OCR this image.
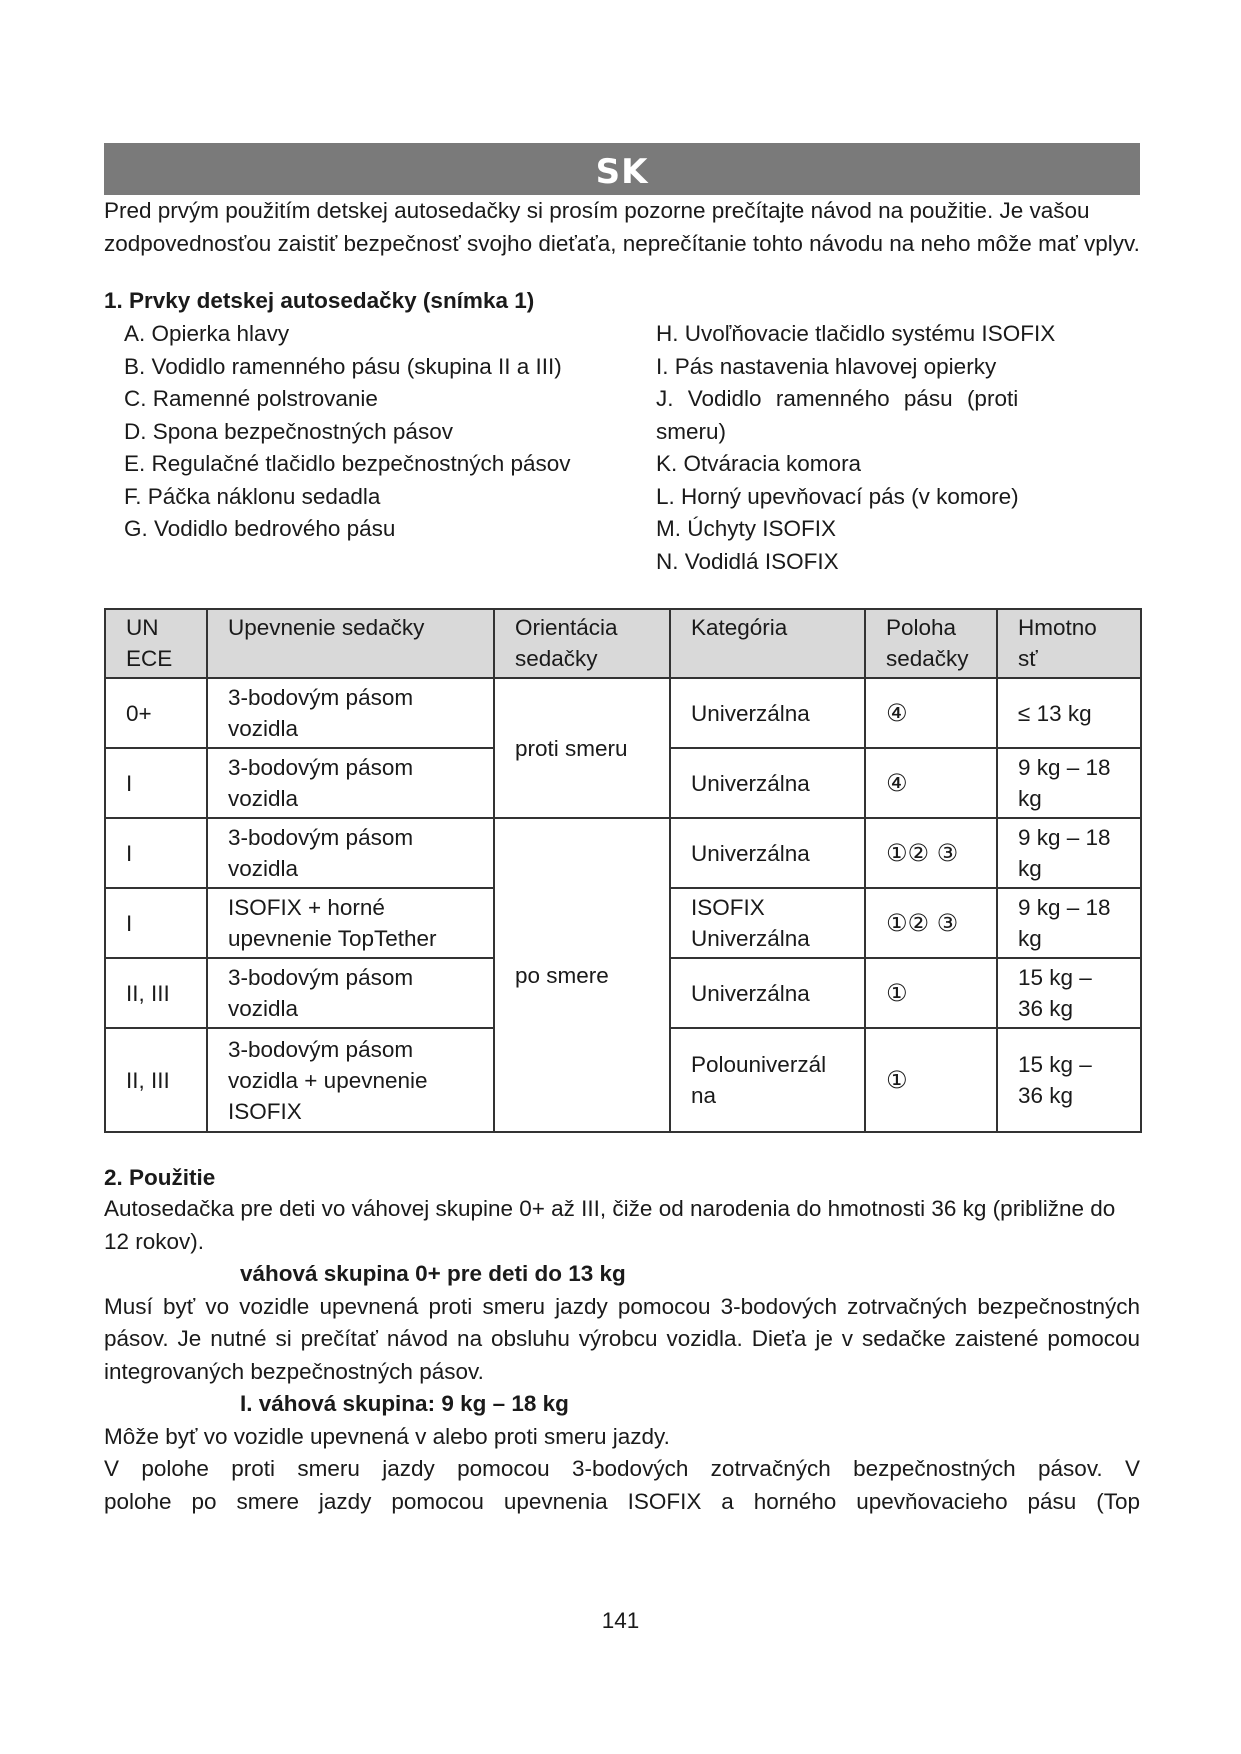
SK

Pred prvým použitím detskej autosedačky si prosím pozorne prečítajte návod na použitie. Je vašou zodpovednosťou zaistiť bezpečnosť svojho dieťaťa, neprečítanie tohto návodu na neho môže mať vplyv.

1. Prvky detskej autosedačky (snímka 1)
A. Opierka hlavy
B. Vodidlo ramenného pásu (skupina II a III)
C. Ramenné polstrovanie
D. Spona bezpečnostných pásov
E. Regulačné tlačidlo bezpečnostných pásov
F. Páčka náklonu sedadla
G. Vodidlo bedrového pásu
H. Uvoľňovacie tlačidlo systému ISOFIX
I. Pás nastavenia hlavovej opierky
J. Vodidlo ramenného pásu (proti
smeru)
K. Otváracia komora
L. Horný upevňovací pás (v komore)
M. Úchyty ISOFIX
N. Vodidlá ISOFIX
UN ECE	Upevnenie sedačky	Orientácia sedačky	Kategória	Poloha sedačky	Hmotno sť
0+	3-bodovým pásom vozidla	proti smeru	Univerzálna	④	≤ 13 kg
I	3-bodovým pásom vozidla		Univerzálna	④	9 kg – 18 kg
I	3-bodovým pásom vozidla	po smere	Univerzálna	①② ③	9 kg – 18 kg
I	ISOFIX + horné upevnenie TopTether		ISOFIX Univerzálna	①② ③	9 kg – 18 kg
II, III	3-bodovým pásom vozidla		Univerzálna	①	15 kg – 36 kg
II, III	3-bodovým pásom vozidla + upevnenie ISOFIX		Polouniverzál na	①	15 kg – 36 kg
2. Použitie

Autosedačka pre deti vo váhovej skupine 0+ až III, čiže od narodenia do hmotnosti 36 kg (približne do 12 rokov).

váhová skupina 0+ pre deti do 13 kg

Musí byť vo vozidle upevnená proti smeru jazdy pomocou 3-bodových zotrvačných bezpečnostných pásov. Je nutné si prečítať návod na obsluhu výrobcu vozidla. Dieťa je v sedačke zaistené pomocou integrovaných bezpečnostných pásov.

I. váhová skupina: 9 kg – 18 kg

Môže byť vo vozidle upevnená v alebo proti smeru jazdy.

V polohe proti smeru jazdy pomocou 3-bodových zotrvačných bezpečnostných pásov. V

polohe po smere jazdy pomocou upevnenia ISOFIX a horného upevňovacieho pásu (Top

141
